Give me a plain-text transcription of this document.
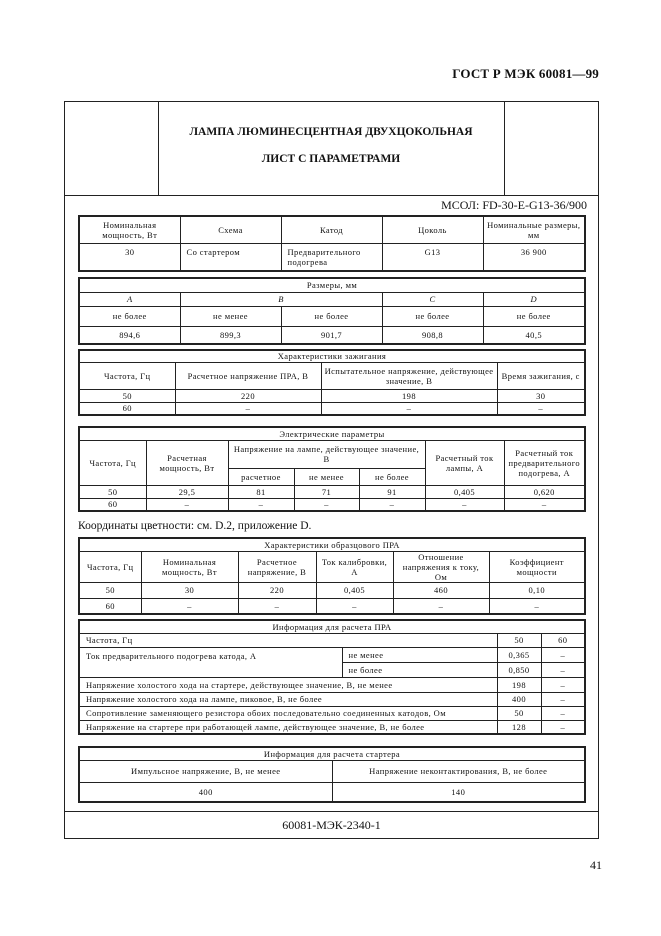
ГОСТ Р МЭК 60081—99
ЛАМПА ЛЮМИНЕСЦЕНТНАЯ ДВУХЦОКОЛЬНАЯ
ЛИСТ С ПАРАМЕТРАМИ
МСОЛ: FD-30-E-G13-36/900
Номинальная мощность, Вт	Схема	Катод	Цоколь	Номинальные размеры, мм
30	Со стартером	Предварительного подогрева	G13	36 900
Размеры, мм				
A	B		C	D
не более	не менее	не более	не более	не более
894,6	899,3	901,7	908,8	40,5
Характеристики зажигания			
Частота, Гц	Расчетное напряжение ПРА, В	Испытательное напряжение, действующее значение, В	Время зажигания, с
50	220	198	30
60	–	–	–
Электрические параметры						
Частота, Гц	Расчетная мощность, Вт	Напряжение на лампе, действующее значение, В			Расчетный ток лампы, А	Расчетный ток предварительного подогрева, А
		расчетное	не менее	не более		
50	29,5	81	71	91	0,405	0,620
60	–	–	–	–	–	–
Координаты цветности: см. D.2, приложение D.
Характеристики образцового ПРА					
Частота, Гц	Номинальная мощность, Вт	Расчетное напряжение, В	Ток калибровки, А	Отношение напряжения к току, Ом	Коэффициент мощности
50	30	220	0,405	460	0,10
60	–	–	–	–	–
Информация для расчета ПРА			
Частота, Гц		50	60
Ток предварительного подогрева катода, А	не менее	0,365	–
	не более	0,850	–
Напряжение холостого хода на стартере, действующее значение, В, не менее		198	–
Напряжение холостого хода на лампе, пиковое, В, не более		400	–
Сопротивление заменяющего резистора обоих последовательно соединенных катодов, Ом		50	–
Напряжение на стартере при работающей лампе, действующее значение, В, не более		128	–
Информация для расчета стартера	
Импульсное напряжение, В, не менее	Напряжение неконтактирования, В, не более
400	140
60081-МЭК-2340-1
41
